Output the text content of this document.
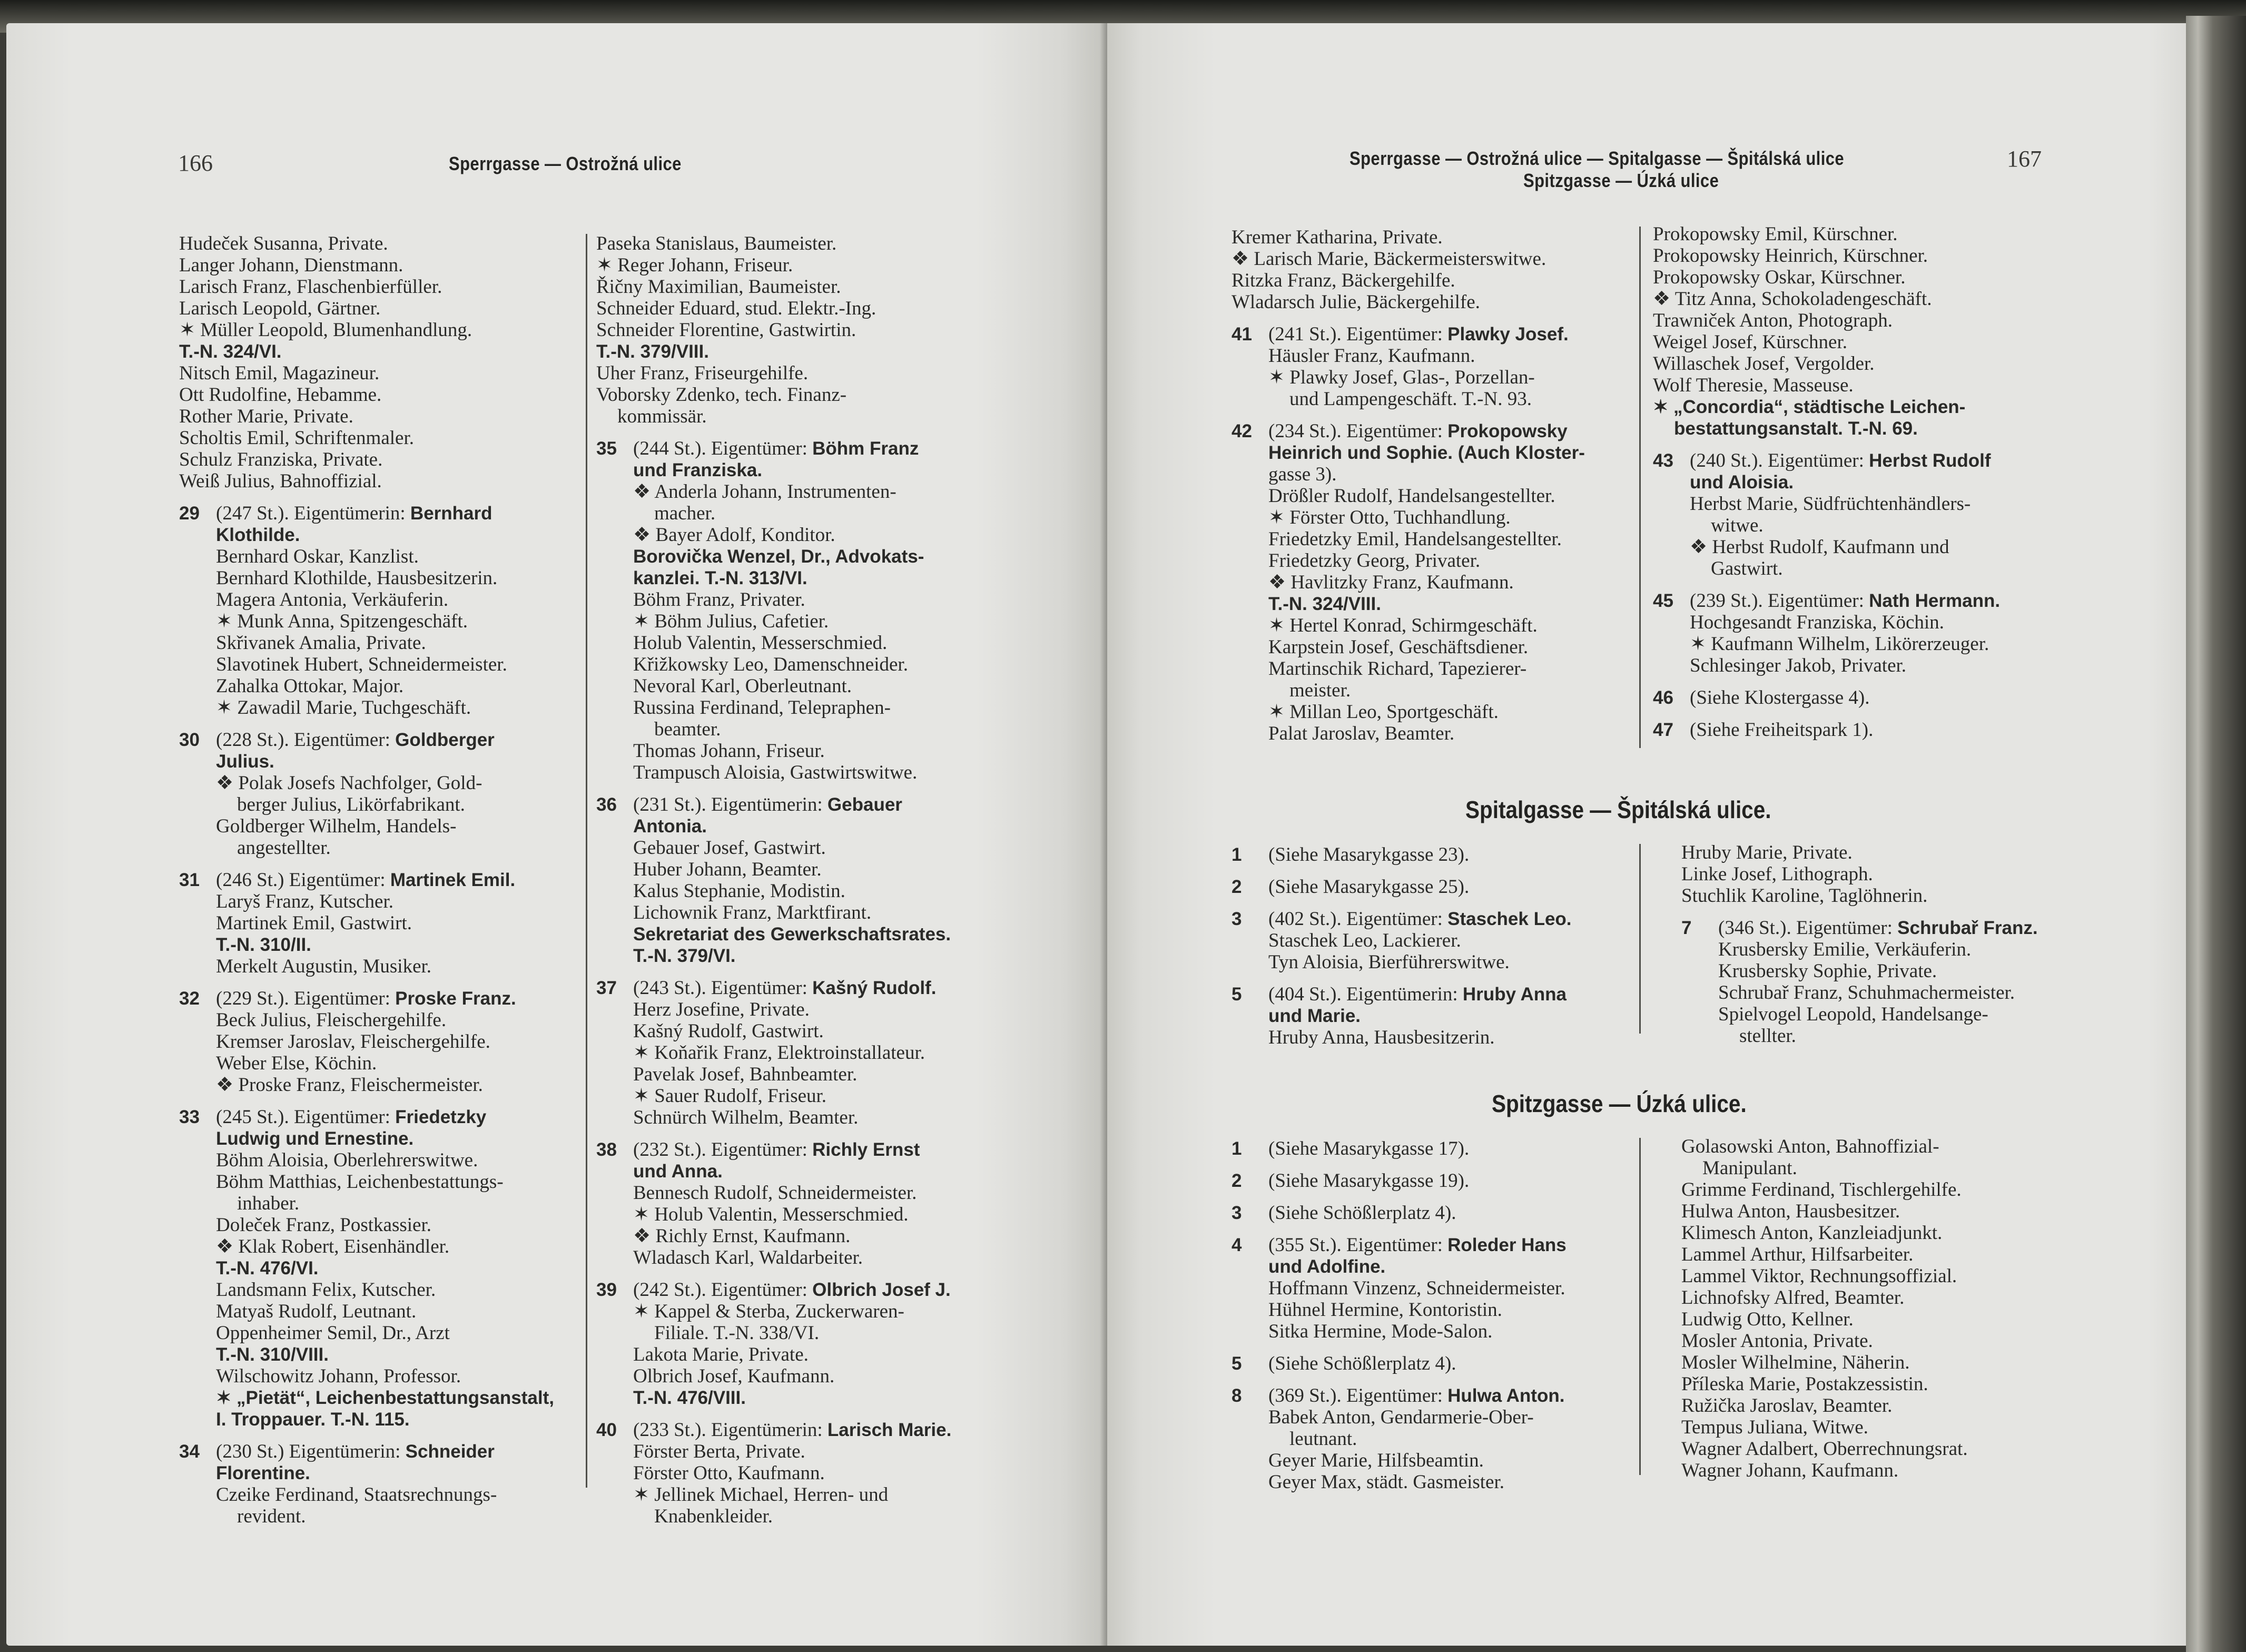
166	Sperrgasse — Ostrožná ulice
Hudeček Susanna, Private.
Langer Johann, Dienstmann.
Larisch Franz, Flaschenbierfüller.
Larisch Leopold, Gärtner.
✶ Müller Leopold, Blumenhandlung.
T.-N. 324/VI.
Nitsch Emil, Magazineur.
Ott Rudolfine, Hebamme.
Rother Marie, Private.
Scholtis Emil, Schriftenmaler.
Schulz Franziska, Private.
Weiß Julius, Bahnoffizial.
29 (247 St.). Eigentümerin: Bernhard
Klothilde.
Bernhard Oskar, Kanzlist.
Bernhard Klothilde, Hausbesitzerin.
Magera Antonia, Verkäuferin.
✶ Munk Anna, Spitzengeschäft.
Skřivanek Amalia, Private.
Slavotinek Hubert, Schneidermeister.
Zahalka Ottokar, Major.
✶ Zawadil Marie, Tuchgeschäft.
30 (228 St.). Eigentümer: Goldberger
Julius.
❖ Polak Josefs Nachfolger, Gold-
berger Julius, Likörfabrikant.
Goldberger Wilhelm, Handels-
angestellter.
31 (246 St.) Eigentümer: Martinek Emil.
Laryš Franz, Kutscher.
Martinek Emil, Gastwirt.
T.-N. 310/II.
Merkelt Augustin, Musiker.
32 (229 St.). Eigentümer: Proske Franz.
Beck Julius, Fleischergehilfe.
Kremser Jaroslav, Fleischergehilfe.
Weber Else, Köchin.
❖ Proske Franz, Fleischermeister.
33 (245 St.). Eigentümer: Friedetzky
Ludwig und Ernestine.
Böhm Aloisia, Oberlehrerswitwe.
Böhm Matthias, Leichenbestattungs-
inhaber.
Doleček Franz, Postkassier.
❖ Klak Robert, Eisenhändler.
T.-N. 476/VI.
Landsmann Felix, Kutscher.
Matyaš Rudolf, Leutnant.
Oppenheimer Semil, Dr., Arzt
T.-N. 310/VIII.
Wilschowitz Johann, Professor.
✶ „Pietät“, Leichenbestattungsanstalt,
I. Troppauer. T.-N. 115.
34 (230 St.) Eigentümerin: Schneider
Florentine.
Czeike Ferdinand, Staatsrechnungs-
revident.
Paseka Stanislaus, Baumeister.
✶ Reger Johann, Friseur.
Řičny Maximilian, Baumeister.
Schneider Eduard, stud. Elektr.-Ing.
Schneider Florentine, Gastwirtin.
T.-N. 379/VIII.
Uher Franz, Friseurgehilfe.
Voborsky Zdenko, tech. Finanz-
kommissär.
35 (244 St.). Eigentümer: Böhm Franz
und Franziska.
❖ Anderla Johann, Instrumenten-
macher.
❖ Bayer Adolf, Konditor.
Borovička Wenzel, Dr., Advokats-
kanzlei. T.-N. 313/VI.
Böhm Franz, Privater.
✶ Böhm Julius, Cafetier.
Holub Valentin, Messerschmied.
Křižkowsky Leo, Damenschneider.
Nevoral Karl, Oberleutnant.
Russina Ferdinand, Telepraphen-
beamter.
Thomas Johann, Friseur.
Trampusch Aloisia, Gastwirtswitwe.
36 (231 St.). Eigentümerin: Gebauer
Antonia.
Gebauer Josef, Gastwirt.
Huber Johann, Beamter.
Kalus Stephanie, Modistin.
Lichownik Franz, Marktfirant.
Sekretariat des Gewerkschaftsrates.
T.-N. 379/VI.
37 (243 St.). Eigentümer: Kašný Rudolf.
Herz Josefine, Private.
Kašný Rudolf, Gastwirt.
✶ Koňařik Franz, Elektroinstallateur.
Pavelak Josef, Bahnbeamter.
✶ Sauer Rudolf, Friseur.
Schnürch Wilhelm, Beamter.
38 (232 St.). Eigentümer: Richly Ernst
und Anna.
Bennesch Rudolf, Schneidermeister.
✶ Holub Valentin, Messerschmied.
❖ Richly Ernst, Kaufmann.
Wladasch Karl, Waldarbeiter.
39 (242 St.). Eigentümer: Olbrich Josef J.
✶ Kappel & Sterba, Zuckerwaren-
Filiale. T.-N. 338/VI.
Lakota Marie, Private.
Olbrich Josef, Kaufmann.
T.-N. 476/VIII.
40 (233 St.). Eigentümerin: Larisch Marie.
Förster Berta, Private.
Förster Otto, Kaufmann.
✶ Jellinek Michael, Herren- und
Knabenkleider.
Sperrgasse — Ostrožná ulice — Spitalgasse — Špitálská ulice
Spitzgasse — Úzká ulice
167
Kremer Katharina, Private.
❖ Larisch Marie, Bäckermeisterswitwe.
Ritzka Franz, Bäckergehilfe.
Wladarsch Julie, Bäckergehilfe.
41 (241 St.). Eigentümer: Plawky Josef.
Häusler Franz, Kaufmann.
✶ Plawky Josef, Glas-, Porzellan-
und Lampengeschäft. T.-N. 93.
42 (234 St.). Eigentümer: Prokopowsky
Heinrich und Sophie. (Auch Kloster-
gasse 3).
Drößler Rudolf, Handelsangestellter.
✶ Förster Otto, Tuchhandlung.
Friedetzky Emil, Handelsangestellter.
Friedetzky Georg, Privater.
❖ Havlitzky Franz, Kaufmann.
T.-N. 324/VIII.
✶ Hertel Konrad, Schirmgeschäft.
Karpstein Josef, Geschäftsdiener.
Martinschik Richard, Tapezierer-
meister.
✶ Millan Leo, Sportgeschäft.
Palat Jaroslav, Beamter.
Prokopowsky Emil, Kürschner.
Prokopowsky Heinrich, Kürschner.
Prokopowsky Oskar, Kürschner.
❖ Titz Anna, Schokoladengeschäft.
Trawniček Anton, Photograph.
Weigel Josef, Kürschner.
Willaschek Josef, Vergolder.
Wolf Theresie, Masseuse.
✶ „Concordia“, städtische Leichen-
bestattungsanstalt. T.-N. 69.
43 (240 St.). Eigentümer: Herbst Rudolf
und Aloisia.
Herbst Marie, Südfrüchtenhändlers-
witwe.
❖ Herbst Rudolf, Kaufmann und
Gastwirt.
45 (239 St.). Eigentümer: Nath Hermann.
Hochgesandt Franziska, Köchin.
✶ Kaufmann Wilhelm, Likörerzeuger.
Schlesinger Jakob, Privater.
46 (Siehe Klostergasse 4).
47 (Siehe Freiheitspark 1).
Spitalgasse — Špitálská ulice.
1 (Siehe Masarykgasse 23).
2 (Siehe Masarykgasse 25).
3 (402 St.). Eigentümer: Staschek Leo.
Staschek Leo, Lackierer.
Tyn Aloisia, Bierführerswitwe.
5 (404 St.). Eigentümerin: Hruby Anna
und Marie.
Hruby Anna, Hausbesitzerin.
Hruby Marie, Private.
Linke Josef, Lithograph.
Stuchlik Karoline, Taglöhnerin.
7 (346 St.). Eigentümer: Schrubař Franz.
Krusbersky Emilie, Verkäuferin.
Krusbersky Sophie, Private.
Schrubař Franz, Schuhmachermeister.
Spielvogel Leopold, Handelsange-
stellter.
Spitzgasse — Úzká ulice.
1 (Siehe Masarykgasse 17).
2 (Siehe Masarykgasse 19).
3 (Siehe Schößlerplatz 4).
4 (355 St.). Eigentümer: Roleder Hans
und Adolfine.
Hoffmann Vinzenz, Schneidermeister.
Hühnel Hermine, Kontoristin.
Sitka Hermine, Mode-Salon.
5 (Siehe Schößlerplatz 4).
8 (369 St.). Eigentümer: Hulwa Anton.
Babek Anton, Gendarmerie-Ober-
leutnant.
Geyer Marie, Hilfsbeamtin.
Geyer Max, städt. Gasmeister.
Golasowski Anton, Bahnoffizial-
Manipulant.
Grimme Ferdinand, Tischlergehilfe.
Hulwa Anton, Hausbesitzer.
Klimesch Anton, Kanzleiadjunkt.
Lammel Arthur, Hilfsarbeiter.
Lammel Viktor, Rechnungsoffizial.
Lichnofsky Alfred, Beamter.
Ludwig Otto, Kellner.
Mosler Antonia, Private.
Mosler Wilhelmine, Näherin.
Příleska Marie, Postakzessistin.
Ružička Jaroslav, Beamter.
Tempus Juliana, Witwe.
Wagner Adalbert, Oberrechnungsrat.
Wagner Johann, Kaufmann.
